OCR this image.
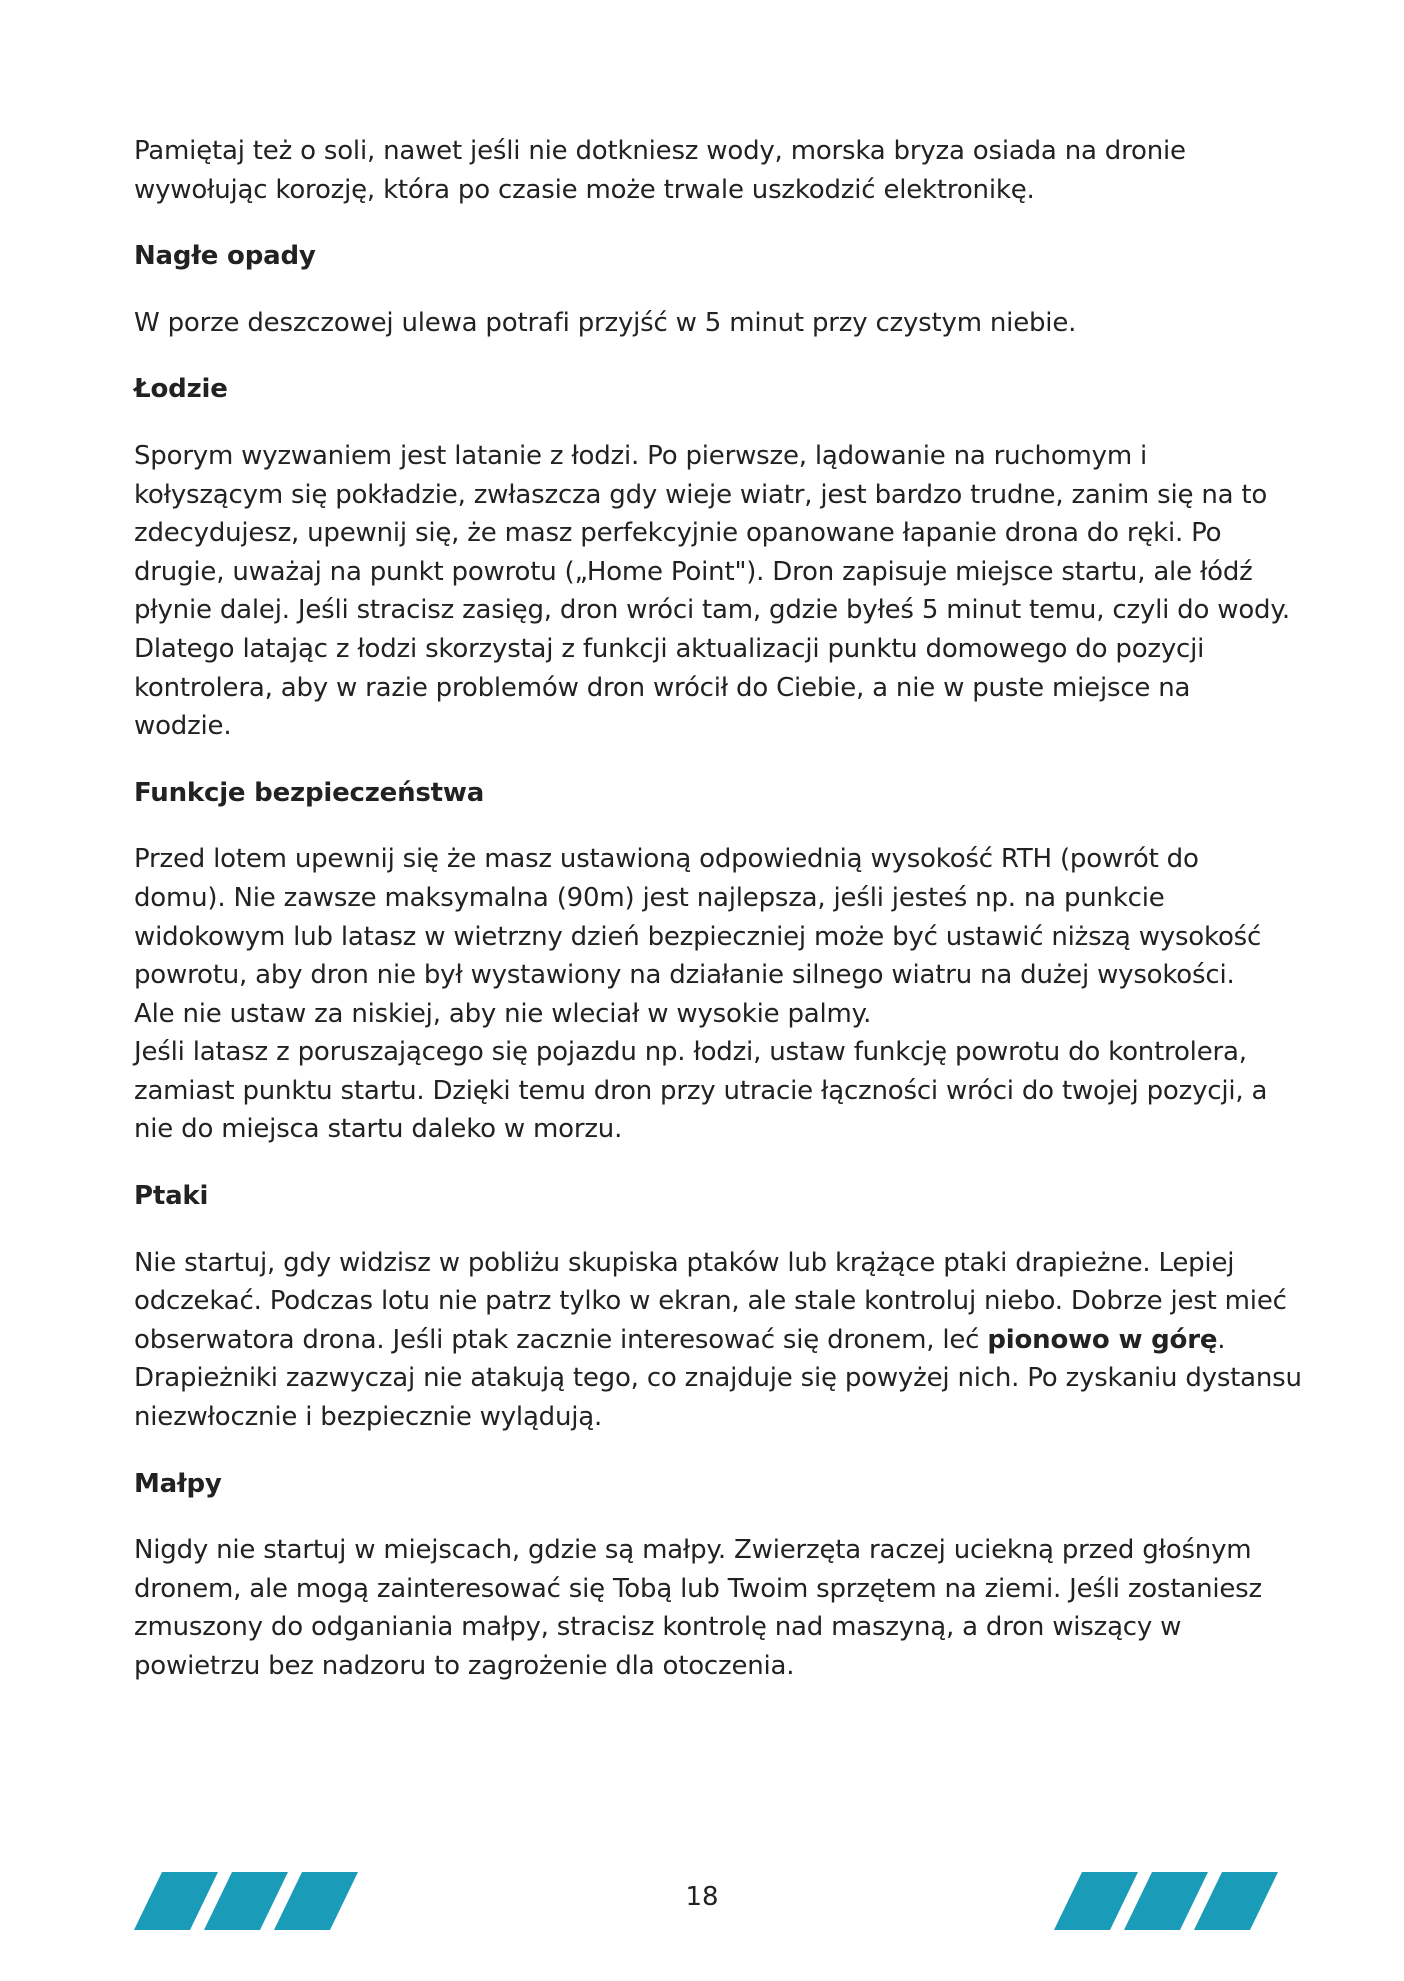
Pamiętaj też o soli, nawet jeśli nie dotkniesz wody, morska bryza osiada na dronie
wywołując korozję, która po czasie może trwale uszkodzić elektronikę.

Nagłe opady

W porze deszczowej ulewa potrafi przyjść w 5 minut przy czystym niebie.

Łodzie

Sporym wyzwaniem jest latanie z łodzi. Po pierwsze, lądowanie na ruchomym i
kołyszącym się pokładzie, zwłaszcza gdy wieje wiatr, jest bardzo trudne, zanim się na to
zdecydujesz, upewnij się, że masz perfekcyjnie opanowane łapanie drona do ręki. Po
drugie, uważaj na punkt powrotu („Home Point"). Dron zapisuje miejsce startu, ale łódź
płynie dalej. Jeśli stracisz zasięg, dron wróci tam, gdzie byłeś 5 minut temu, czyli do wody.
Dlatego latając z łodzi skorzystaj z funkcji aktualizacji punktu domowego do pozycji
kontrolera, aby w razie problemów dron wrócił do Ciebie, a nie w puste miejsce na
wodzie.

Funkcje bezpieczeństwa

Przed lotem upewnij się że masz ustawioną odpowiednią wysokość RTH (powrót do
domu). Nie zawsze maksymalna (90m) jest najlepsza, jeśli jesteś np. na punkcie
widokowym lub latasz w wietrzny dzień bezpieczniej może być ustawić niższą wysokość
powrotu, aby dron nie był wystawiony na działanie silnego wiatru na dużej wysokości.
Ale nie ustaw za niskiej, aby nie wleciał w wysokie palmy.
Jeśli latasz z poruszającego się pojazdu np. łodzi, ustaw funkcję powrotu do kontrolera,
zamiast punktu startu. Dzięki temu dron przy utracie łączności wróci do twojej pozycji, a
nie do miejsca startu daleko w morzu.

Ptaki

Nie startuj, gdy widzisz w pobliżu skupiska ptaków lub krążące ptaki drapieżne. Lepiej
odczekać. Podczas lotu nie patrz tylko w ekran, ale stale kontroluj niebo. Dobrze jest mieć
obserwatora drona. Jeśli ptak zacznie interesować się dronem, leć pionowo w górę.
Drapieżniki zazwyczaj nie atakują tego, co znajduje się powyżej nich. Po zyskaniu dystansu
niezwłocznie i bezpiecznie wylądują.

Małpy

Nigdy nie startuj w miejscach, gdzie są małpy. Zwierzęta raczej uciekną przed głośnym
dronem, ale mogą zainteresować się Tobą lub Twoim sprzętem na ziemi. Jeśli zostaniesz
zmuszony do odganiania małpy, stracisz kontrolę nad maszyną, a dron wiszący w
powietrzu bez nadzoru to zagrożenie dla otoczenia.

18
